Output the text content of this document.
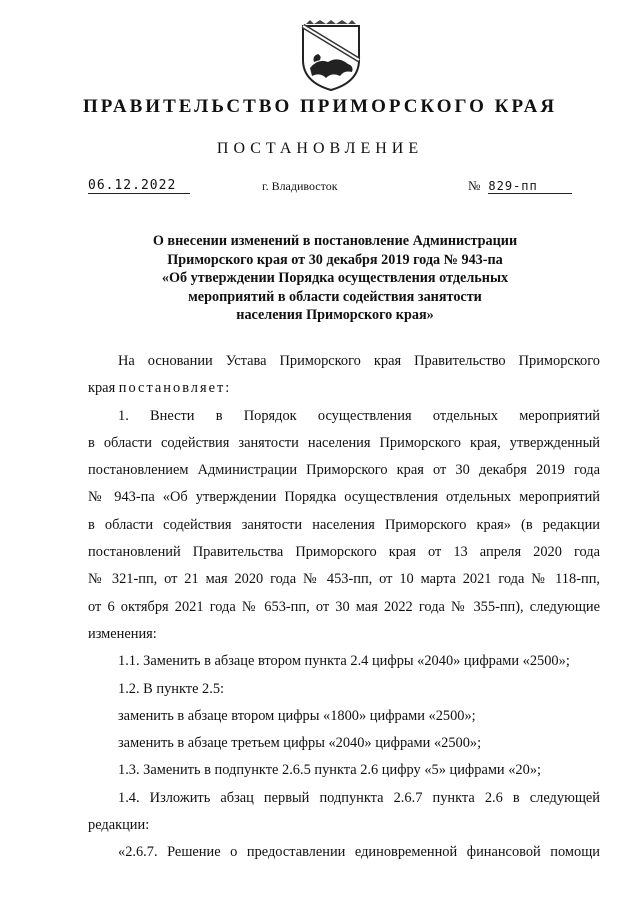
ПРАВИТЕЛЬСТВО ПРИМОРСКОГО КРАЯ
ПОСТАНОВЛЕНИЕ
06.12.2022	г. Владивосток	№ 829-пп
О внесении изменений в постановление Администрации
Приморского края от 30 декабря 2019 года № 943-па
«Об утверждении Порядка осуществления отдельных
мероприятий в области содействия занятости
населения Приморского края»
На основании Устава Приморского края Правительство Приморского
края постановляет:
1. Внести в Порядок осуществления отдельных мероприятий
в области содействия занятости населения Приморского края, утвержденный
постановлением Администрации Приморского края от 30 декабря 2019 года
№ 943-па «Об утверждении Порядка осуществления отдельных мероприятий
в области содействия занятости населения Приморского края» (в редакции
постановлений Правительства Приморского края от 13 апреля 2020 года
№ 321-пп, от 21 мая 2020 года № 453-пп, от 10 марта 2021 года № 118-пп,
от 6 октября 2021 года № 653-пп, от 30 мая 2022 года № 355-пп), следующие
изменения:
1.1. Заменить в абзаце втором пункта 2.4 цифры «2040» цифрами «2500»;
1.2. В пункте 2.5:
заменить в абзаце втором цифры «1800» цифрами «2500»;
заменить в абзаце третьем цифры «2040» цифрами «2500»;
1.3. Заменить в подпункте 2.6.5 пункта 2.6 цифру «5» цифрами «20»;
1.4. Изложить абзац первый подпункта 2.6.7 пункта 2.6 в следующей
редакции:
«2.6.7. Решение о предоставлении единовременной финансовой помощи
